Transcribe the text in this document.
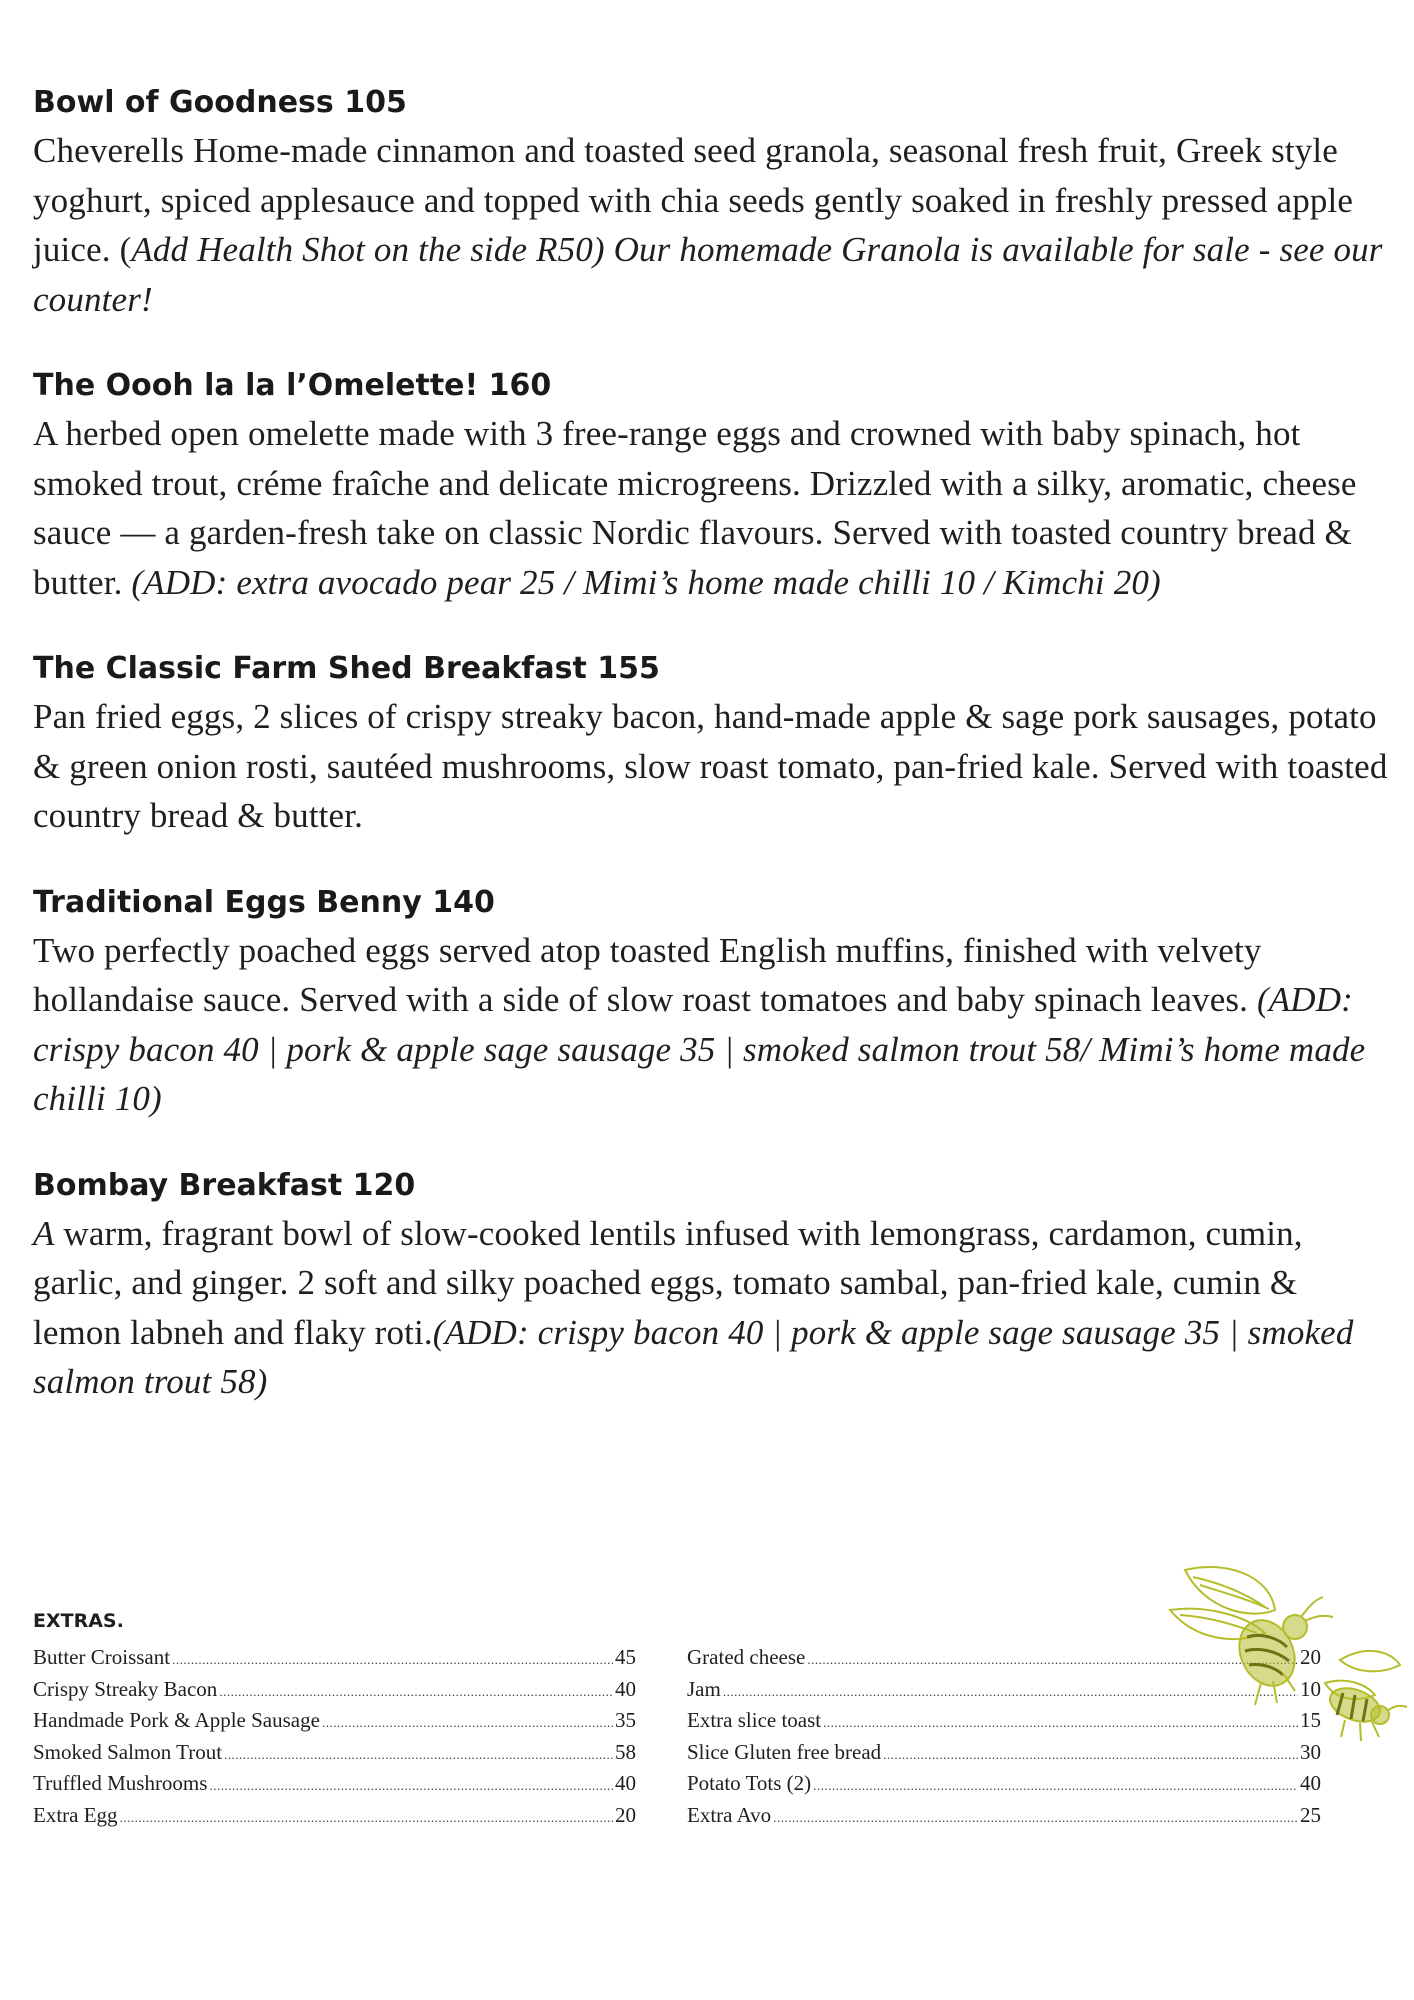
Bowl of Goodness 105

Cheverells Home-made cinnamon and toasted seed granola, seasonal fresh fruit, Greek style yoghurt, spiced applesauce and topped with chia seeds gently soaked in freshly pressed apple juice. (Add Health Shot on the side R50) Our homemade Granola is available for sale - see our counter!

The Oooh la la l’Omelette! 160

A herbed open omelette made with 3 free-range eggs and crowned with baby spinach, hot smoked trout, créme fraîche and delicate microgreens. Drizzled with a silky, aromatic, cheese sauce — a garden-fresh take on classic Nordic flavours. Served with toasted country bread & butter. (ADD: extra avocado pear 25 / Mimi’s home made chilli 10 / Kimchi 20)

The Classic Farm Shed Breakfast 155

Pan fried eggs, 2 slices of crispy streaky bacon, hand-made apple & sage pork sausages, potato & green onion rosti, sautéed mushrooms, slow roast tomato, pan-fried kale. Served with toasted country bread & butter.

Traditional Eggs Benny 140

Two perfectly poached eggs served atop toasted English muffins, finished with velvety hollandaise sauce. Served with a side of slow roast tomatoes and baby spinach leaves. (ADD: crispy bacon 40 | pork & apple sage sausage 35 | smoked salmon trout 58/ Mimi’s home made chilli 10)

Bombay Breakfast 120

A warm, fragrant bowl of slow-cooked lentils infused with lemongrass, cardamon, cumin, garlic, and ginger. 2 soft and silky poached eggs, tomato sambal, pan-fried kale, cumin & lemon labneh and flaky roti.(ADD: crispy bacon 40 | pork & apple sage sausage 35 | smoked salmon trout 58)

EXTRAS.
Butter Croissant .....	45
Crispy Streaky Bacon .....	40
Handmade Pork & Apple Sausage .....	35
Smoked Salmon Trout .....	58
Truffled Mushrooms .....	40
Extra Egg .....	20
Grated cheese .....	20
Jam .....	10
Extra slice toast .....	15
Slice Gluten free bread .....	30
Potato Tots (2) .....	40
Extra Avo .....	25
